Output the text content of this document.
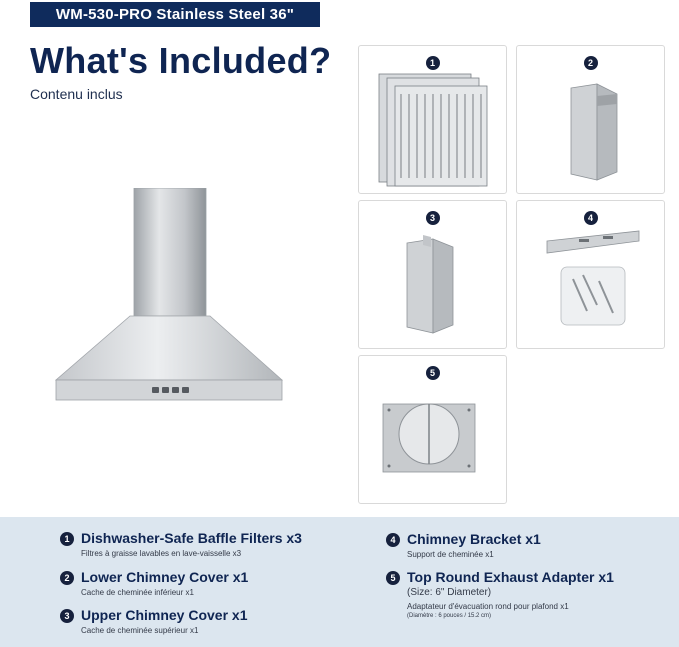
WM-530-PRO Stainless Steel 36"
What's Included?
Contenu inclus
1	2
3	4
5
1 Dishwasher-Safe Baffle Filters x3
Filtres à graisse lavables en lave-vaisselle x3
2 Lower Chimney Cover x1
Cache de cheminée inférieur x1
3 Upper Chimney Cover x1
Cache de cheminée supérieur x1
4 Chimney Bracket x1
Support de cheminée x1
5 Top Round Exhaust Adapter x1
(Size: 6" Diameter)
Adaptateur d'évacuation rond pour plafond x1
(Diamètre : 6 pouces / 15.2 cm)
